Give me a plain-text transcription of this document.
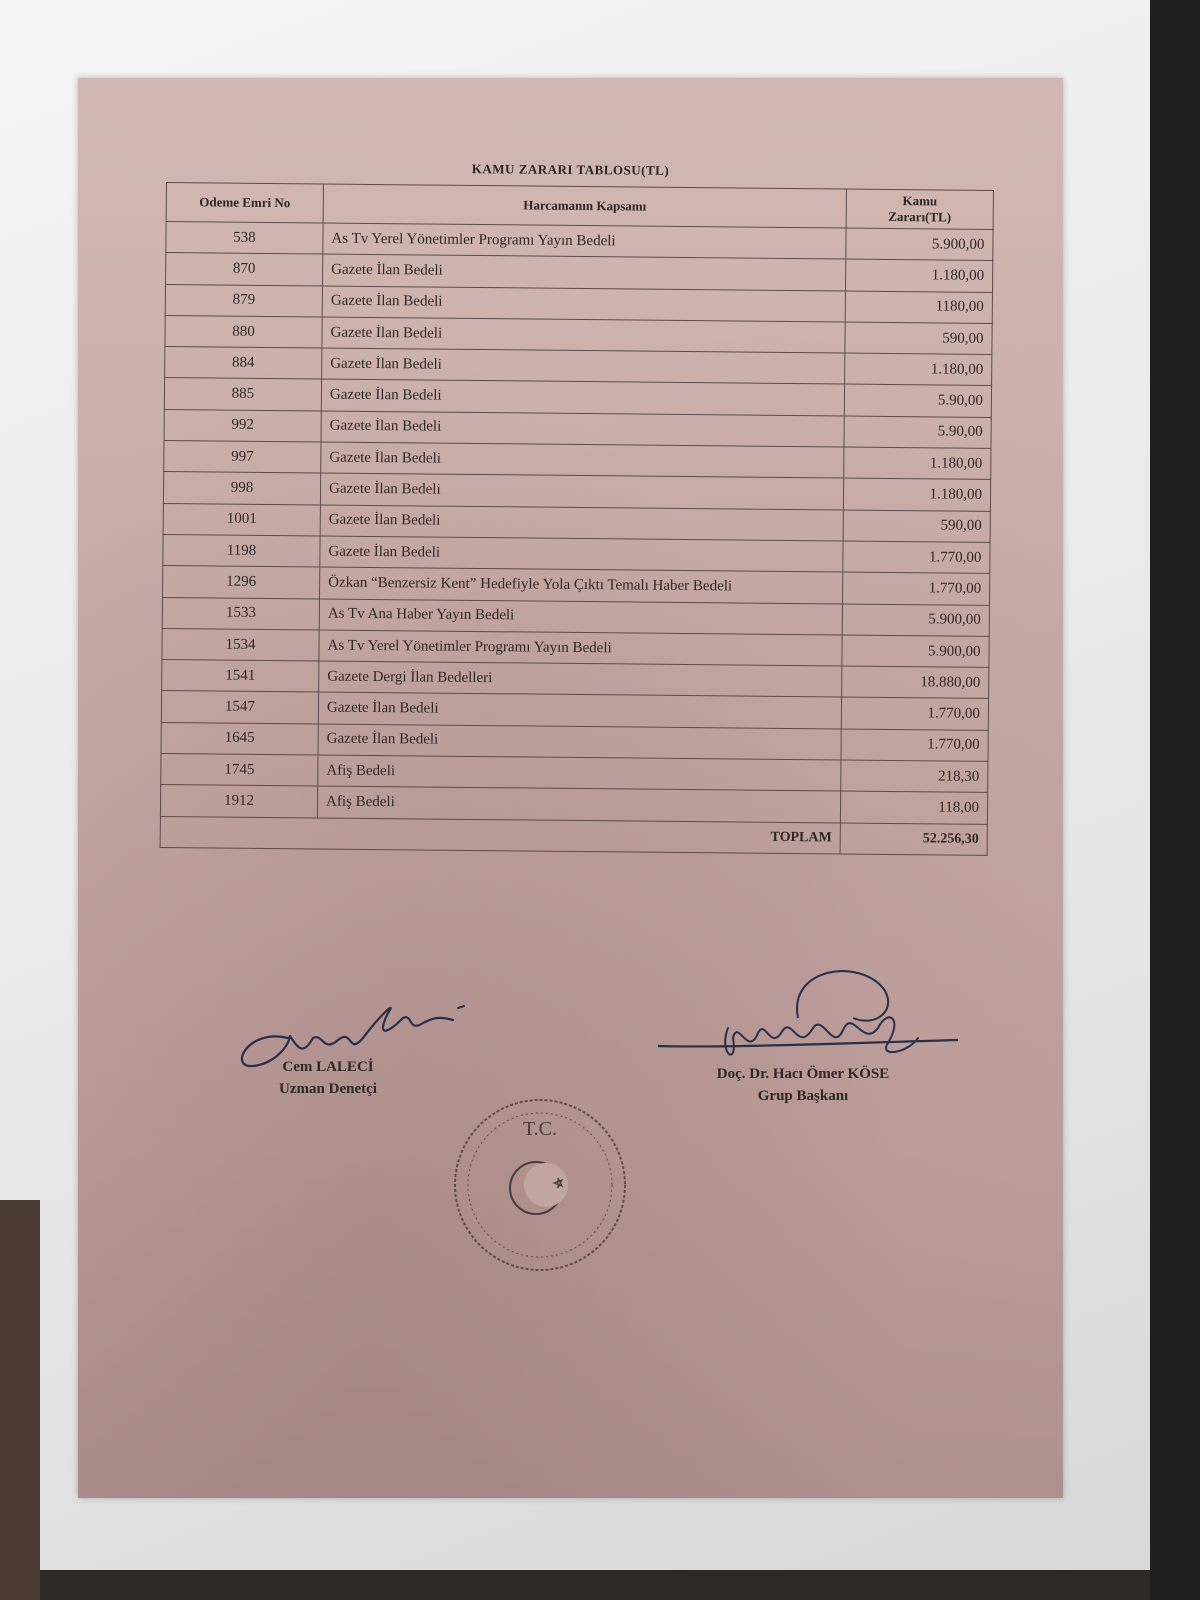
KAMU ZARARI TABLOSU(TL)
Odeme Emri No	Harcamanın Kapsamı	Kamu
Zararı(TL)
538	As Tv Yerel Yönetimler Programı Yayın Bedeli	5.900,00
870	Gazete İlan Bedeli	1.180,00
879	Gazete İlan Bedeli	1180,00
880	Gazete İlan Bedeli	590,00
884	Gazete İlan Bedeli	1.180,00
885	Gazete İlan Bedeli	5.90,00
992	Gazete İlan Bedeli	5.90,00
997	Gazete İlan Bedeli	1.180,00
998	Gazete İlan Bedeli	1.180,00
1001	Gazete İlan Bedeli	590,00
1198	Gazete İlan Bedeli	1.770,00
1296	Özkan “Benzersiz Kent” Hedefiyle Yola Çıktı Temalı Haber Bedeli	1.770,00
1533	As Tv Ana Haber Yayın Bedeli	5.900,00
1534	As Tv Yerel Yönetimler Programı Yayın Bedeli	5.900,00
1541	Gazete Dergi İlan Bedelleri	18.880,00
1547	Gazete İlan Bedeli	1.770,00
1645	Gazete İlan Bedeli	1.770,00
1745	Afiş Bedeli	218,30
1912	Afiş Bedeli	118,00
TOPLAM		52.256,30
Cem LALECİ
Uzman Denetçi
Doç. Dr. Hacı Ömer KÖSE
Grup Başkanı
T.C.
